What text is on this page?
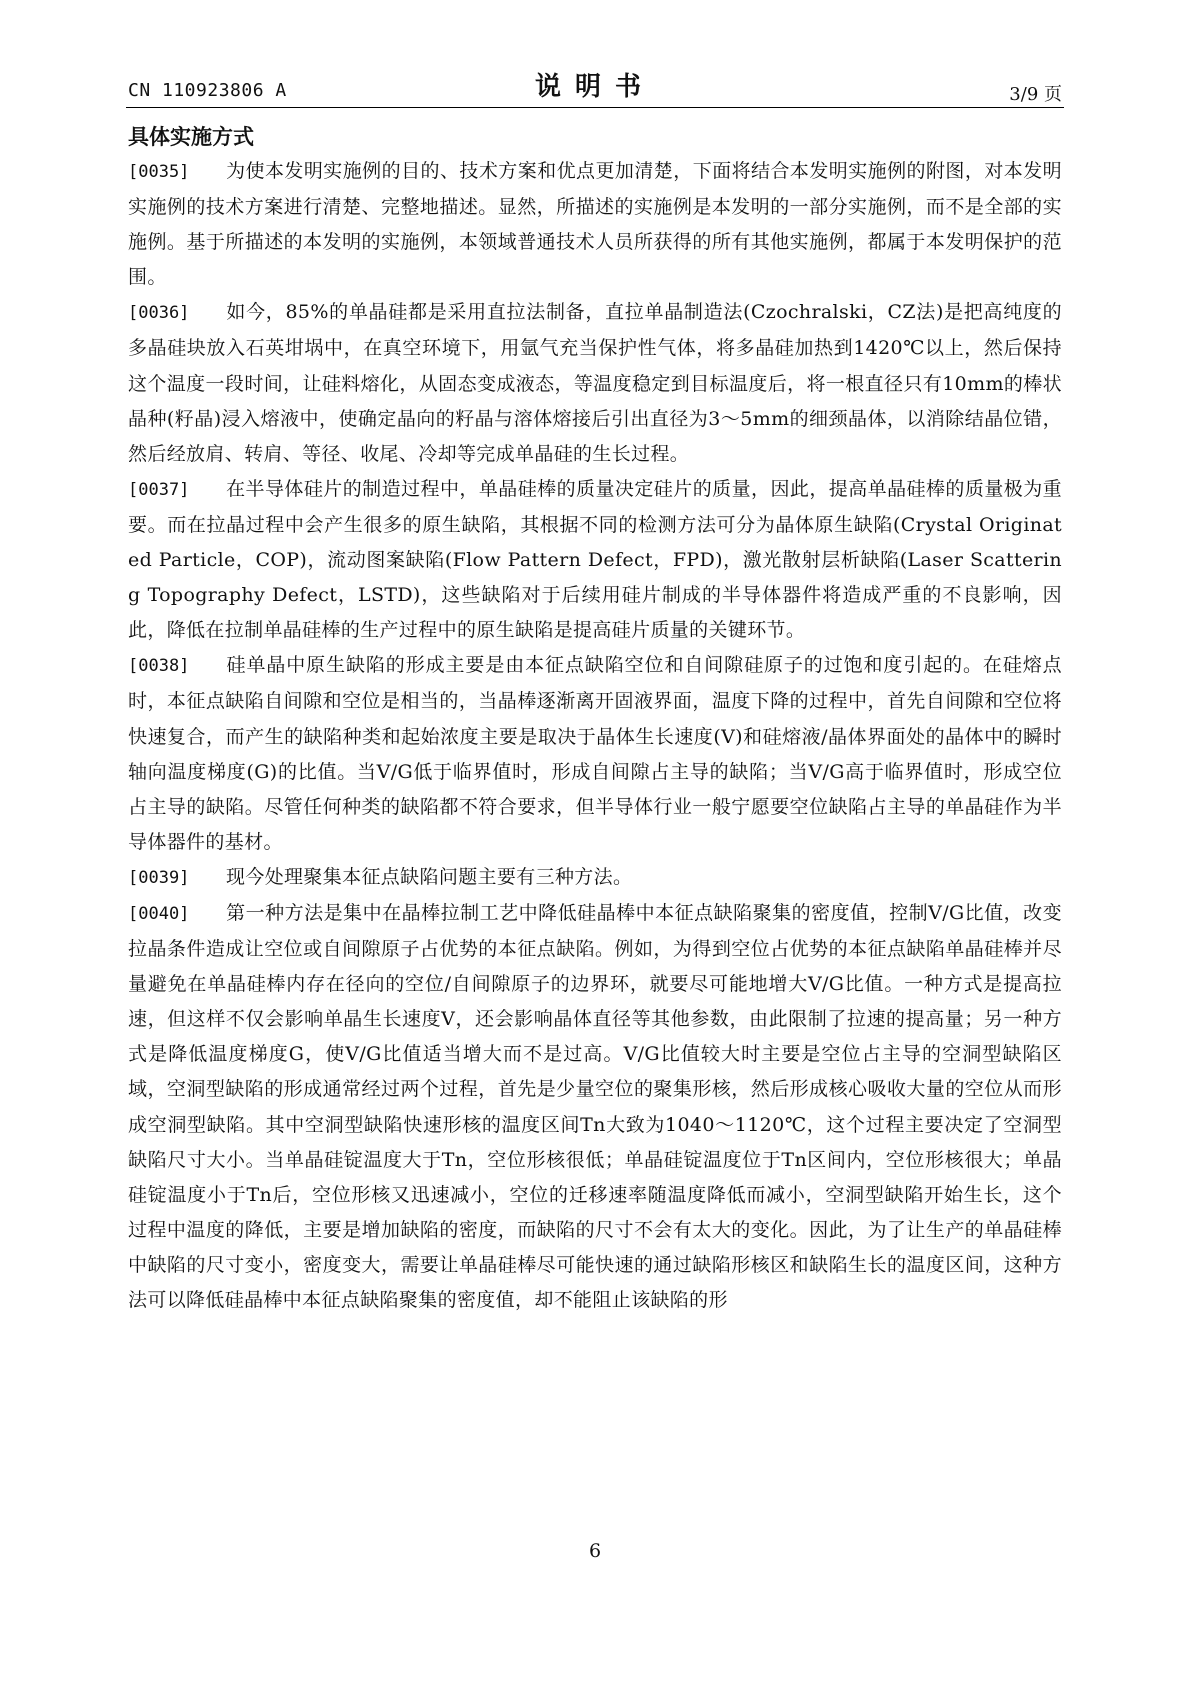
CN 110923806 A	说明书	3/9 页
具体实施方式

[0035] 为使本发明实施例的目的、技术方案和优点更加清楚，下面将结合本发明实施例的附图，对本发明实施例的技术方案进行清楚、完整地描述。显然，所描述的实施例是本发明的一部分实施例，而不是全部的实施例。基于所描述的本发明的实施例，本领域普通技术人员所获得的所有其他实施例，都属于本发明保护的范围。

[0036] 如今，85%的单晶硅都是采用直拉法制备，直拉单晶制造法(Czochralski，CZ法)是把高纯度的多晶硅块放入石英坩埚中，在真空环境下，用氩气充当保护性气体，将多晶硅加热到1420℃以上，然后保持这个温度一段时间，让硅料熔化，从固态变成液态，等温度稳定到目标温度后，将一根直径只有10mm的棒状晶种(籽晶)浸入熔液中，使确定晶向的籽晶与溶体熔接后引出直径为3～5mm的细颈晶体，以消除结晶位错，然后经放肩、转肩、等径、收尾、冷却等完成单晶硅的生长过程。

[0037] 在半导体硅片的制造过程中，单晶硅棒的质量决定硅片的质量，因此，提高单晶硅棒的质量极为重要。而在拉晶过程中会产生很多的原生缺陷，其根据不同的检测方法可分为晶体原生缺陷(Crystal Originated Particle，COP)，流动图案缺陷(Flow Pattern Defect，FPD)，激光散射层析缺陷(Laser Scattering Topography Defect，LSTD)，这些缺陷对于后续用硅片制成的半导体器件将造成严重的不良影响，因此，降低在拉制单晶硅棒的生产过程中的原生缺陷是提高硅片质量的关键环节。

[0038] 硅单晶中原生缺陷的形成主要是由本征点缺陷空位和自间隙硅原子的过饱和度引起的。在硅熔点时，本征点缺陷自间隙和空位是相当的，当晶棒逐渐离开固液界面，温度下降的过程中，首先自间隙和空位将快速复合，而产生的缺陷种类和起始浓度主要是取决于晶体生长速度(V)和硅熔液/晶体界面处的晶体中的瞬时轴向温度梯度(G)的比值。当V/G低于临界值时，形成自间隙占主导的缺陷；当V/G高于临界值时，形成空位占主导的缺陷。尽管任何种类的缺陷都不符合要求，但半导体行业一般宁愿要空位缺陷占主导的单晶硅作为半导体器件的基材。

[0039] 现今处理聚集本征点缺陷问题主要有三种方法。

[0040] 第一种方法是集中在晶棒拉制工艺中降低硅晶棒中本征点缺陷聚集的密度值，控制V/G比值，改变拉晶条件造成让空位或自间隙原子占优势的本征点缺陷。例如，为得到空位占优势的本征点缺陷单晶硅棒并尽量避免在单晶硅棒内存在径向的空位/自间隙原子的边界环，就要尽可能地增大V/G比值。一种方式是提高拉速，但这样不仅会影响单晶生长速度V，还会影响晶体直径等其他参数，由此限制了拉速的提高量；另一种方式是降低温度梯度G，使V/G比值适当增大而不是过高。V/G比值较大时主要是空位占主导的空洞型缺陷区域，空洞型缺陷的形成通常经过两个过程，首先是少量空位的聚集形核，然后形成核心吸收大量的空位从而形成空洞型缺陷。其中空洞型缺陷快速形核的温度区间Tn大致为1040～1120℃，这个过程主要决定了空洞型缺陷尺寸大小。当单晶硅锭温度大于Tn，空位形核很低；单晶硅锭温度位于Tn区间内，空位形核很大；单晶硅锭温度小于Tn后，空位形核又迅速减小，空位的迁移速率随温度降低而减小，空洞型缺陷开始生长，这个过程中温度的降低，主要是增加缺陷的密度，而缺陷的尺寸不会有太大的变化。因此，为了让生产的单晶硅棒中缺陷的尺寸变小，密度变大，需要让单晶硅棒尽可能快速的通过缺陷形核区和缺陷生长的温度区间，这种方法可以降低硅晶棒中本征点缺陷聚集的密度值，却不能阻止该缺陷的形

6
